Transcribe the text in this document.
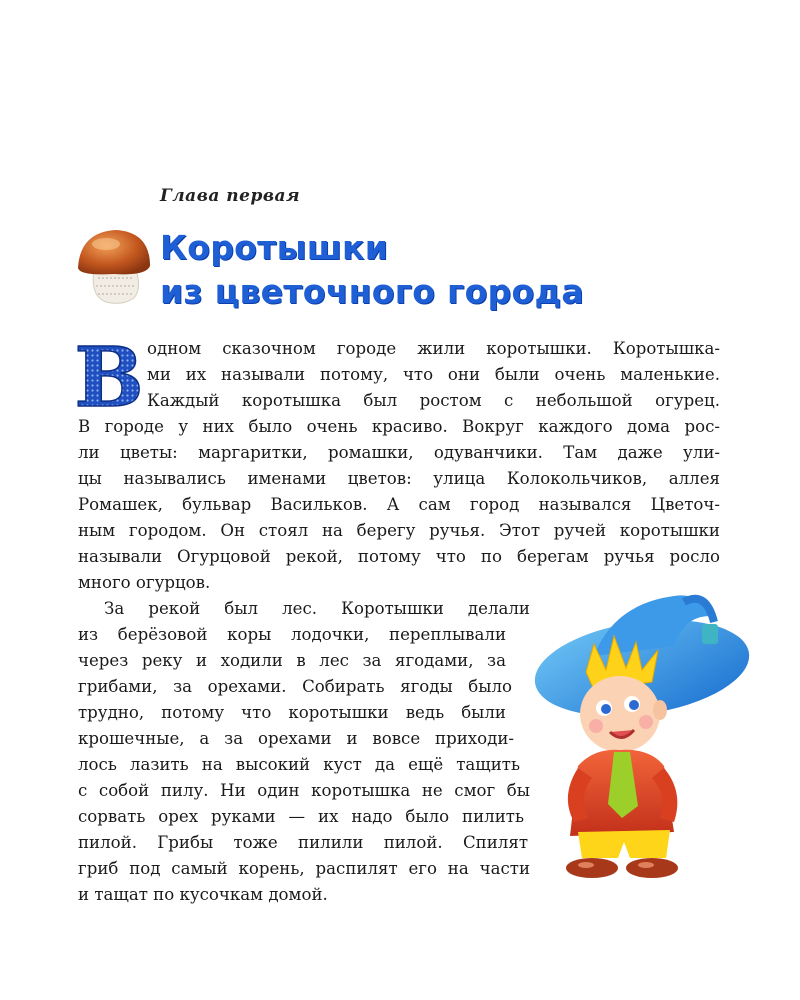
Глава первая
Коротышки
из цветочного города
В одном сказочном городе жили коротышки. Коротышка-
ми их называли потому, что они были очень маленькие.
Каждый коротышка был ростом с небольшой огурец.
В городе у них было очень красиво. Вокруг каждого дома рос-
ли цветы: маргаритки, ромашки, одуванчики. Там даже ули-
цы назывались именами цветов: улица Колокольчиков, аллея
Ромашек, бульвар Васильков. А сам город назывался Цветоч-
ным городом. Он стоял на берегу ручья. Этот ручей коротышки
называли Огурцовой рекой, потому что по берегам ручья росло
много огурцов.
За рекой был лес. Коротышки делали
из берёзовой коры лодочки, переплывали
через реку и ходили в лес за ягодами, за
грибами, за орехами. Собирать ягоды было
трудно, потому что коротышки ведь были
крошечные, а за орехами и вовсе приходи-
лось лазить на высокий куст да ещё тащить
с собой пилу. Ни один коротышка не смог бы
сорвать орех руками — их надо было пилить
пилой. Грибы тоже пилили пилой. Спилят
гриб под самый корень, распилят его на части
и тащат по кусочкам домой.
